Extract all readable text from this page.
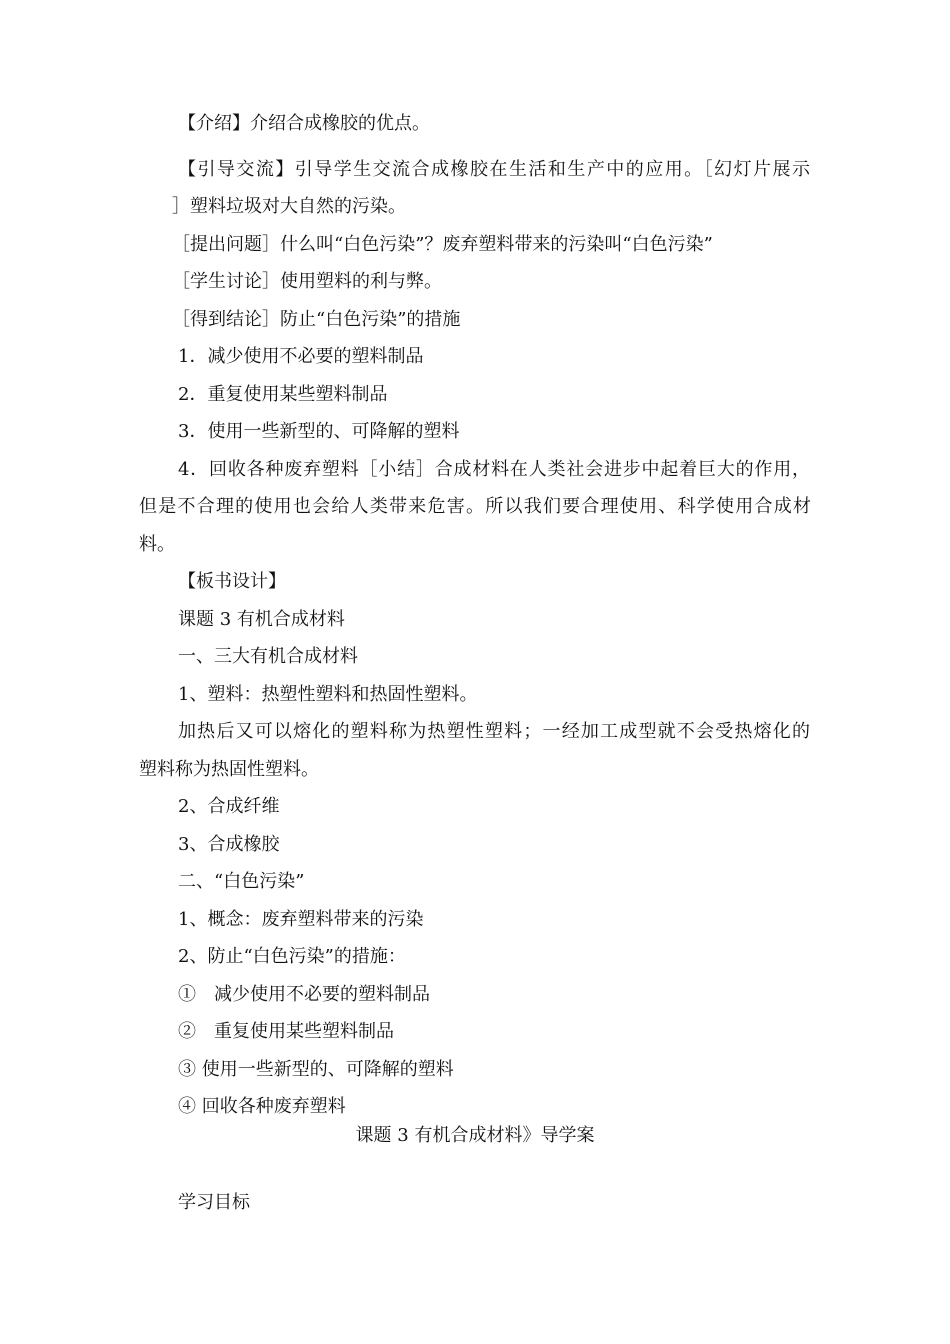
【介绍】介绍合成橡胶的优点。
【引导交流】引导学生交流合成橡胶在生活和生产中的应用。［幻灯片展示
］塑料垃圾对大自然的污染。
［提出问题］什么叫“白色污染”？废弃塑料带来的污染叫“白色污染”
［学生讨论］使用塑料的利与弊。
［得到结论］防止“白色污染”的措施
1．减少使用不必要的塑料制品
2．重复使用某些塑料制品
3．使用一些新型的、可降解的塑料
4．回收各种废弃塑料［小结］合成材料在人类社会进步中起着巨大的作用，
但是不合理的使用也会给人类带来危害。所以我们要合理使用、科学使用合成材
料。
【板书设计】
课题 3 有机合成材料
一、三大有机合成材料
1、塑料：热塑性塑料和热固性塑料。
加热后又可以熔化的塑料称为热塑性塑料；一经加工成型就不会受热熔化的
塑料称为热固性塑料。
2、合成纤维
3、合成橡胶
二、“白色污染”
1、概念：废弃塑料带来的污染
2、防止“白色污染”的措施：
①　减少使用不必要的塑料制品
②　重复使用某些塑料制品
③ 使用一些新型的、可降解的塑料
④ 回收各种废弃塑料
课题 3 有机合成材料》导学案
学习目标
